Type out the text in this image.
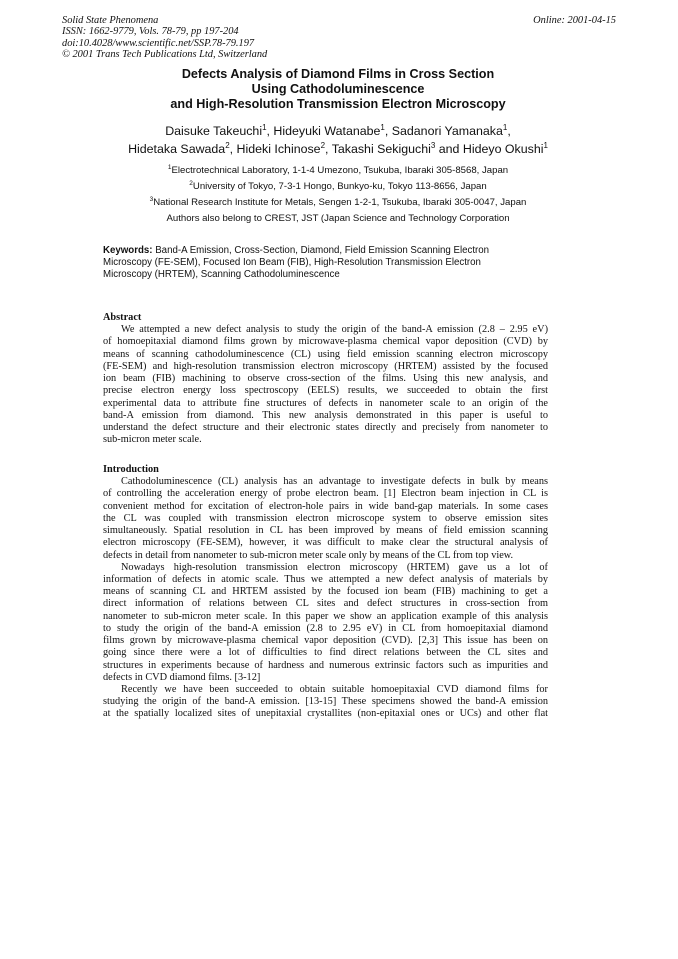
Solid State Phenomena
ISSN: 1662-9779, Vols. 78-79, pp 197-204
doi:10.4028/www.scientific.net/SSP.78-79.197
© 2001 Trans Tech Publications Ltd, Switzerland
Online: 2001-04-15
Defects Analysis of Diamond Films in Cross Section
Using Cathodoluminescence
and High-Resolution Transmission Electron Microscopy
Daisuke Takeuchi$^1$, Hideyuki Watanabe$^1$, Sadanori Yamanaka$^1$,
Hidetaka Sawada$^2$, Hideki Ichinose$^2$, Takashi Sekiguchi$^3$ and Hideyo Okushi$^1$
$^1$Electrotechnical Laboratory, 1-1-4 Umezono, Tsukuba, Ibaraki 305-8568, Japan
$^2$University of Tokyo, 7-3-1 Hongo, Bunkyo-ku, Tokyo 113-8656, Japan
$^3$National Research Institute for Metals, Sengen 1-2-1, Tsukuba, Ibaraki 305-0047, Japan
Authors also belong to CREST, JST (Japan Science and Technology Corporation
Keywords: Band-A Emission, Cross-Section, Diamond, Field Emission Scanning Electron
Microscopy (FE-SEM), Focused Ion Beam (FIB), High-Resolution Transmission Electron
Microscopy (HRTEM), Scanning Cathodoluminescence
Abstract
We attempted a new defect analysis to study the origin of the band-A emission (2.8 – 2.95 eV)
of homoepitaxial diamond films grown by microwave-plasma chemical vapor deposition (CVD) by
means of scanning cathodoluminescence (CL) using field emission scanning electron microscopy
(FE-SEM) and high-resolution transmission electron microscopy (HRTEM) assisted by the focused
ion beam (FIB) machining to observe cross-section of the films. Using this new analysis, and
precise electron energy loss spectroscopy (EELS) results, we succeeded to obtain the first
experimental data to attribute fine structures of defects in nanometer scale to an origin of the
band-A emission from diamond. This new analysis demonstrated in this paper is useful to
understand the defect structure and their electronic states directly and precisely from nanometer to
sub-micron meter scale.
Introduction
Cathodoluminescence (CL) analysis has an advantage to investigate defects in bulk by means
of controlling the acceleration energy of probe electron beam. [1] Electron beam injection in CL is
convenient method for excitation of electron-hole pairs in wide band-gap materials. In some cases
the CL was coupled with transmission electron microscope system to observe emission sites
simultaneously. Spatial resolution in CL has been improved by means of field emission scanning
electron microscopy (FE-SEM), however, it was difficult to make clear the structural analysis of
defects in detail from nanometer to sub-micron meter scale only by means of the CL from top view.
Nowadays high-resolution transmission electron microscopy (HRTEM) gave us a lot of
information of defects in atomic scale. Thus we attempted a new defect analysis of materials by
means of scanning CL and HRTEM assisted by the focused ion beam (FIB) machining to get a
direct information of relations between CL sites and defect structures in cross-section from
nanometer to sub-micron meter scale. In this paper we show an application example of this analysis
to study the origin of the band-A emission (2.8 to 2.95 eV) in CL from homoepitaxial diamond
films grown by microwave-plasma chemical vapor deposition (CVD). [2,3] This issue has been on
going since there were a lot of difficulties to find direct relations between the CL sites and
structures in experiments because of hardness and numerous extrinsic factors such as impurities and
defects in CVD diamond films. [3-12]
Recently we have been succeeded to obtain suitable homoepitaxial CVD diamond films for
studying the origin of the band-A emission. [13-15] These specimens showed the band-A emission
at the spatially localized sites of unepitaxial crystallites (non-epitaxial ones or UCs) and other flat
